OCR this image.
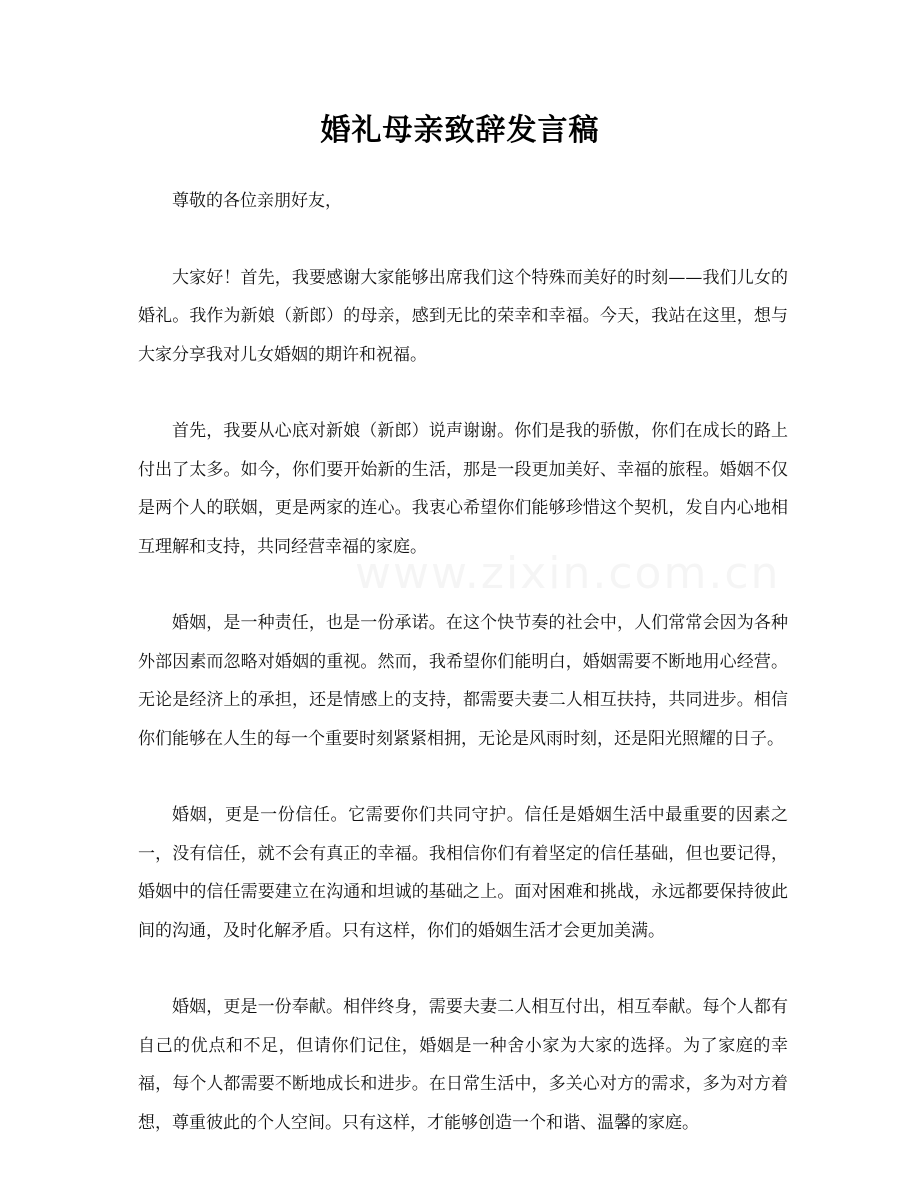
婚礼母亲致辞发言稿
www.zixin.com.cn

尊敬的各位亲朋好友，

大家好！首先，我要感谢大家能够出席我们这个特殊而美好的时刻——我们儿女的婚礼。我作为新娘（新郎）的母亲，感到无比的荣幸和幸福。今天，我站在这里，想与大家分享我对儿女婚姻的期许和祝福。

首先，我要从心底对新娘（新郎）说声谢谢。你们是我的骄傲，你们在成长的路上付出了太多。如今，你们要开始新的生活，那是一段更加美好、幸福的旅程。婚姻不仅是两个人的联姻，更是两家的连心。我衷心希望你们能够珍惜这个契机，发自内心地相互理解和支持，共同经营幸福的家庭。

婚姻，是一种责任，也是一份承诺。在这个快节奏的社会中，人们常常会因为各种外部因素而忽略对婚姻的重视。然而，我希望你们能明白，婚姻需要不断地用心经营。无论是经济上的承担，还是情感上的支持，都需要夫妻二人相互扶持，共同进步。相信你们能够在人生的每一个重要时刻紧紧相拥，无论是风雨时刻，还是阳光照耀的日子。

婚姻，更是一份信任。它需要你们共同守护。信任是婚姻生活中最重要的因素之一，没有信任，就不会有真正的幸福。我相信你们有着坚定的信任基础，但也要记得，婚姻中的信任需要建立在沟通和坦诚的基础之上。面对困难和挑战，永远都要保持彼此间的沟通，及时化解矛盾。只有这样，你们的婚姻生活才会更加美满。

婚姻，更是一份奉献。相伴终身，需要夫妻二人相互付出，相互奉献。每个人都有自己的优点和不足，但请你们记住，婚姻是一种舍小家为大家的选择。为了家庭的幸福，每个人都需要不断地成长和进步。在日常生活中，多关心对方的需求，多为对方着想，尊重彼此的个人空间。只有这样，才能够创造一个和谐、温馨的家庭。
